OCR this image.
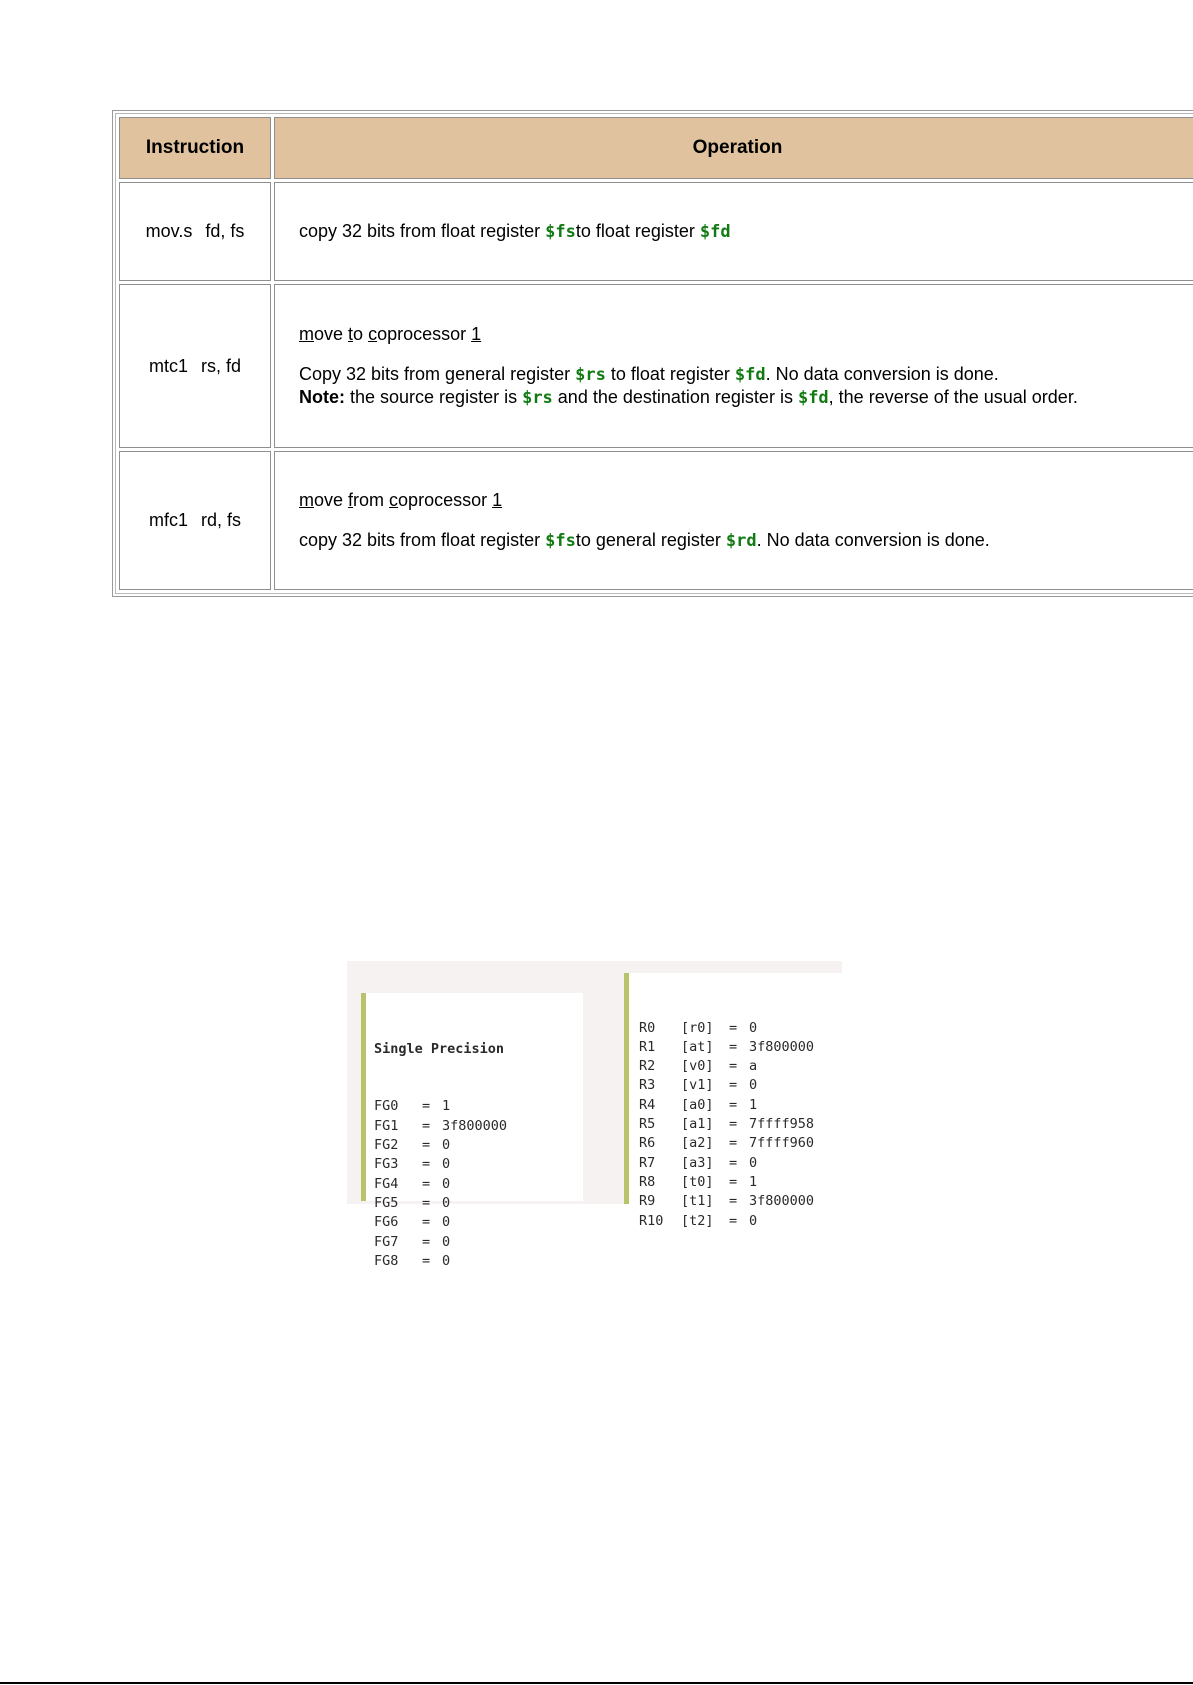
Instruction	Operation
mov.s fd, fs	copy 32 bits from float register $fsto float register $fd

mtc1 rs, fd	move to coprocessor 1

Copy 32 bits from general register $rs to float register $fd. No data conversion is done.

Note: the source register is $rs and the destination register is $fd, the reverse of the usual order.

mfc1 rd, fs	move from coprocessor 1

copy 32 bits from float register $fsto general register $rd. No data conversion is done.

Single Precision

FG0 = 1
FG1 = 3f800000
FG2 = 0
FG3 = 0
FG4 = 0
FG5 = 0
FG6 = 0
FG7 = 0
FG8 = 0

R0 [r0] = 0
R1 [at] = 3f800000
R2 [v0] = a
R3 [v1] = 0
R4 [a0] = 1
R5 [a1] = 7ffff958
R6 [a2] = 7ffff960
R7 [a3] = 0
R8 [t0] = 1
R9 [t1] = 3f800000
R10 [t2] = 0
